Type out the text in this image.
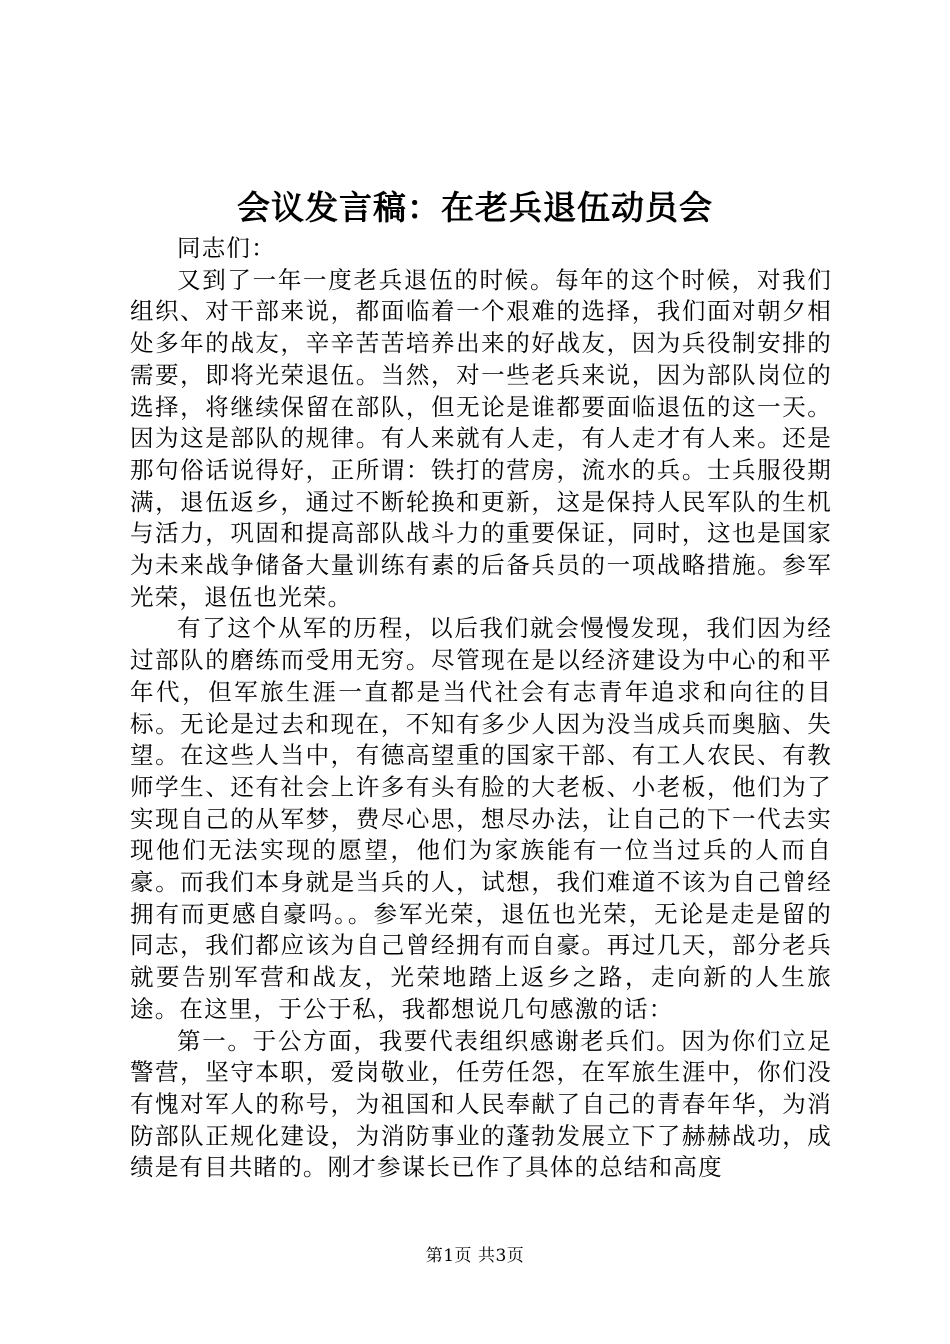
会议发言稿：在老兵退伍动员会

同志们：

又到了一年一度老兵退伍的时候。每年的这个时候，对我们组织、对干部来说，都面临着一个艰难的选择，我们面对朝夕相处多年的战友，辛辛苦苦培养出来的好战友，因为兵役制安排的需要，即将光荣退伍。当然，对一些老兵来说，因为部队岗位的选择，将继续保留在部队，但无论是谁都要面临退伍的这一天。因为这是部队的规律。有人来就有人走，有人走才有人来。还是那句俗话说得好，正所谓：铁打的营房，流水的兵。士兵服役期满，退伍返乡，通过不断轮换和更新，这是保持人民军队的生机与活力，巩固和提高部队战斗力的重要保证，同时，这也是国家为未来战争储备大量训练有素的后备兵员的一项战略措施。参军光荣，退伍也光荣。

有了这个从军的历程，以后我们就会慢慢发现，我们因为经过部队的磨练而受用无穷。尽管现在是以经济建设为中心的和平年代，但军旅生涯一直都是当代社会有志青年追求和向往的目标。无论是过去和现在，不知有多少人因为没当成兵而奥脑、失望。在这些人当中，有德高望重的国家干部、有工人农民、有教师学生、还有社会上许多有头有脸的大老板、小老板，他们为了实现自己的从军梦，费尽心思，想尽办法，让自己的下一代去实现他们无法实现的愿望，他们为家族能有一位当过兵的人而自豪。而我们本身就是当兵的人，试想，我们难道不该为自己曾经拥有而更感自豪吗。。参军光荣，退伍也光荣，无论是走是留的同志，我们都应该为自己曾经拥有而自豪。再过几天，部分老兵就要告别军营和战友，光荣地踏上返乡之路，走向新的人生旅途。在这里，于公于私，我都想说几句感激的话：

第一。于公方面，我要代表组织感谢老兵们。因为你们立足警营，坚守本职，爱岗敬业，任劳任怨，在军旅生涯中，你们没有愧对军人的称号，为祖国和人民奉献了自己的青春年华，为消防部队正规化建设，为消防事业的蓬勃发展立下了赫赫战功，成绩是有目共睹的。刚才参谋长已作了具体的总结和高度

第1页 共3页
